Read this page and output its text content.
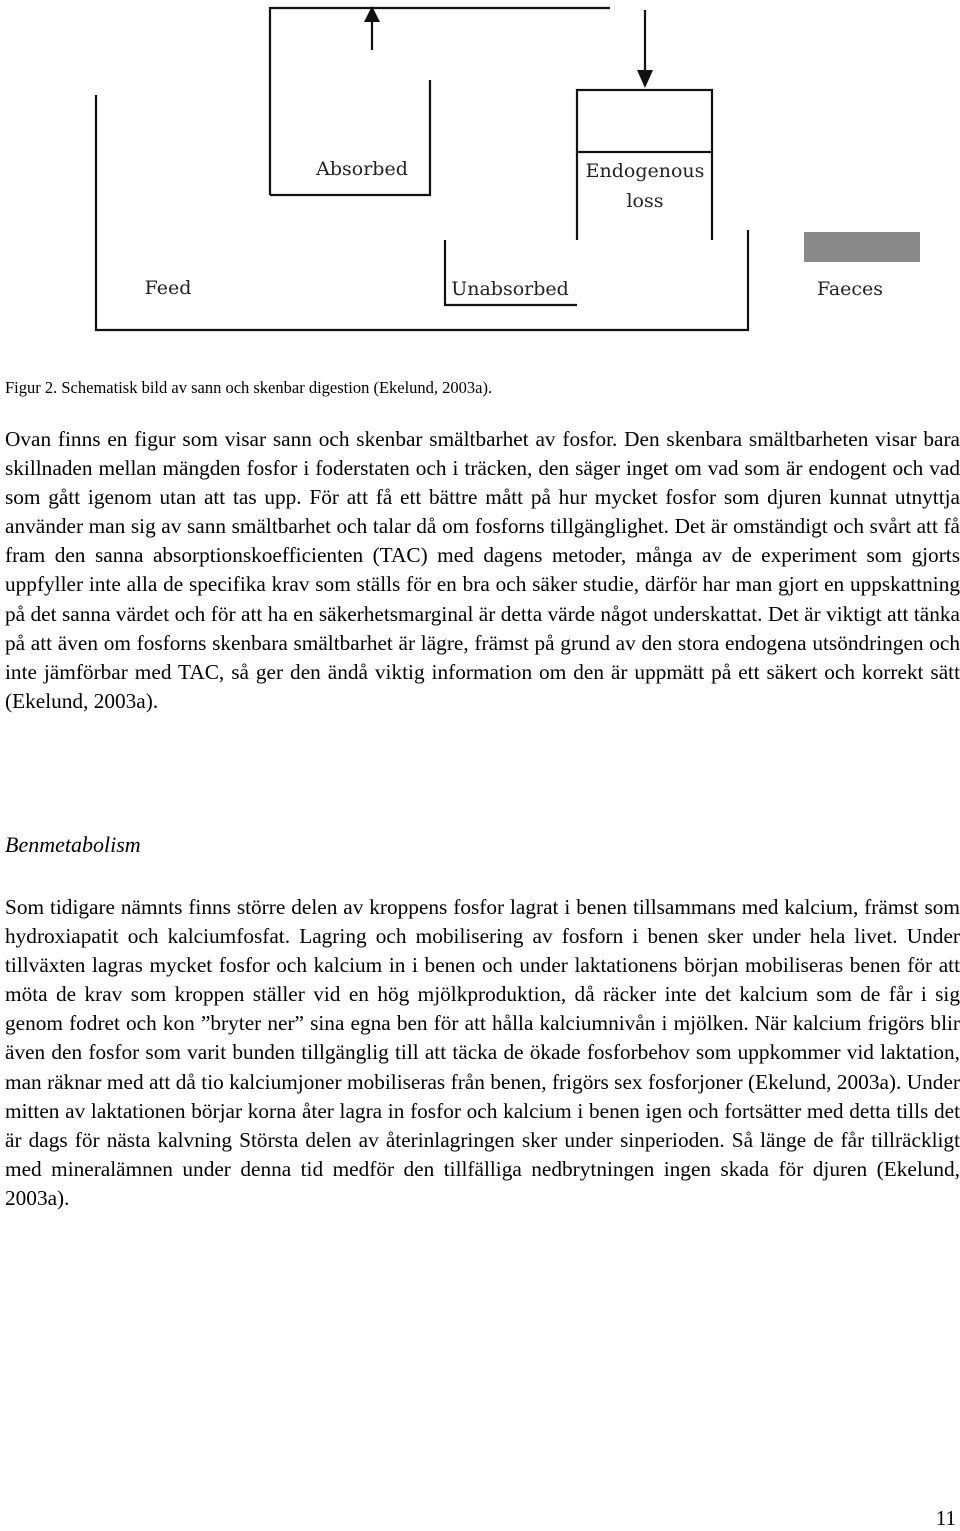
Absorbed	Endogenous
loss
Unabsorbed
Feed	Faeces

Figur 2. Schematisk bild av sann och skenbar digestion (Ekelund, 2003a).

Ovan finns en figur som visar sann och skenbar smältbarhet av fosfor. Den skenbara smältbarheten visar bara skillnaden mellan mängden fosfor i foderstaten och i träcken, den säger inget om vad som är endogent och vad som gått igenom utan att tas upp. För att få ett bättre mått på hur mycket fosfor som djuren kunnat utnyttja använder man sig av sann smältbarhet och talar då om fosforns tillgänglighet. Det är omständigt och svårt att få fram den sanna absorptionskoefficienten (TAC) med dagens metoder, många av de experiment som gjorts uppfyller inte alla de specifika krav som ställs för en bra och säker studie, därför har man gjort en uppskattning på det sanna värdet och för att ha en säkerhetsmarginal är detta värde något underskattat. Det är viktigt att tänka på att även om fosforns skenbara smältbarhet är lägre, främst på grund av den stora endogena utsöndringen och inte jämförbar med TAC, så ger den ändå viktig information om den är uppmätt på ett säkert och korrekt sätt (Ekelund, 2003a).

Benmetabolism

Som tidigare nämnts finns större delen av kroppens fosfor lagrat i benen tillsammans med kalcium, främst som hydroxiapatit och kalciumfosfat. Lagring och mobilisering av fosforn i benen sker under hela livet. Under tillväxten lagras mycket fosfor och kalcium in i benen och under laktationens början mobiliseras benen för att möta de krav som kroppen ställer vid en hög mjölkproduktion, då räcker inte det kalcium som de får i sig genom fodret och kon ”bryter ner” sina egna ben för att hålla kalciumnivån i mjölken. När kalcium frigörs blir även den fosfor som varit bunden tillgänglig till att täcka de ökade fosforbehov som uppkommer vid laktation, man räknar med att då tio kalciumjoner mobiliseras från benen, frigörs sex fosforjoner (Ekelund, 2003a). Under mitten av laktationen börjar korna åter lagra in fosfor och kalcium i benen igen och fortsätter med detta tills det är dags för nästa kalvning Största delen av återinlagringen sker under sinperioden. Så länge de får tillräckligt med mineralämnen under denna tid medför den tillfälliga nedbrytningen ingen skada för djuren (Ekelund, 2003a).

11
